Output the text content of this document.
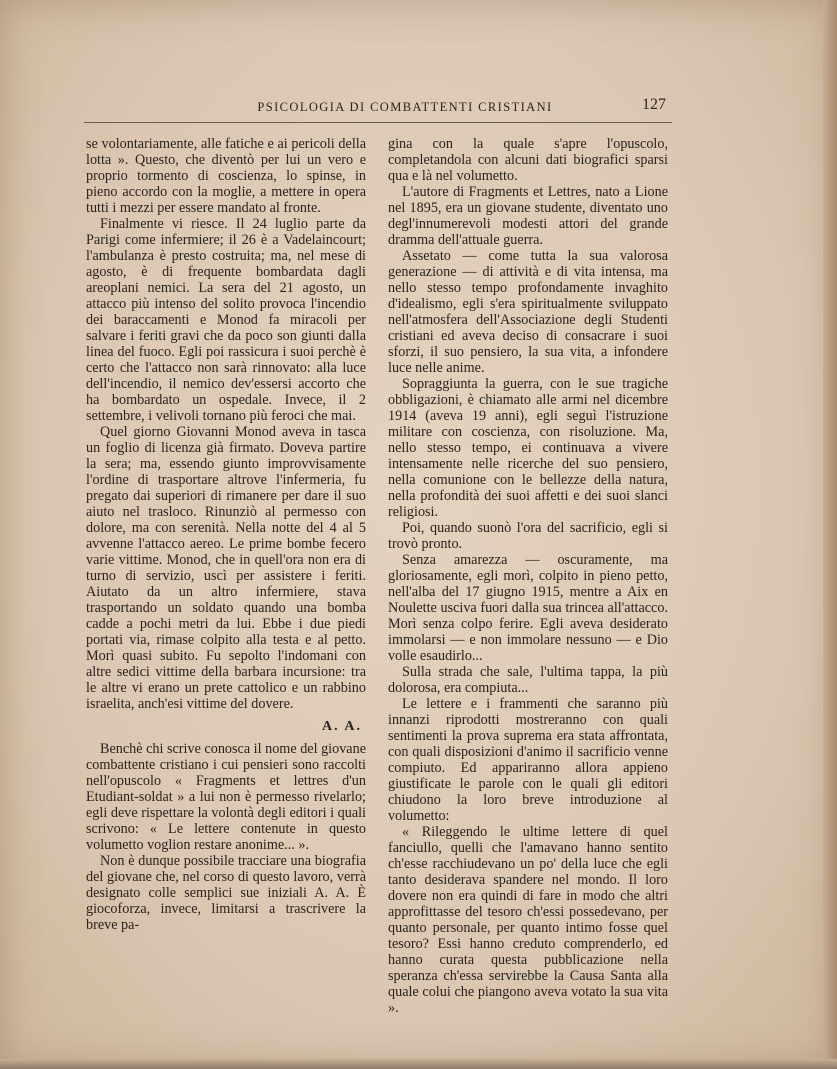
PSICOLOGIA DI COMBATTENTI CRISTIANI	127

se volontariamente, alle fatiche e ai pericoli della lotta ». Questo, che diventò per lui un vero e proprio tormento di coscienza, lo spinse, in pieno accordo con la moglie, a mettere in opera tutti i mezzi per essere mandato al fronte.

Finalmente vi riesce. Il 24 luglio parte da Parigi come infermiere; il 26 è a Vadelaincourt; l'ambulanza è presto costruita; ma, nel mese di agosto, è di frequente bombardata dagli areoplani nemici. La sera del 21 agosto, un attacco più intenso del solito provoca l'incendio dei baraccamenti e Monod fa miracoli per salvare i feriti gravi che da poco son giunti dalla linea del fuoco. Egli poi rassicura i suoi perchè è certo che l'attacco non sarà rinnovato: alla luce dell'incendio, il nemico dev'essersi accorto che ha bombardato un ospedale. Invece, il 2 settembre, i velivoli tornano più feroci che mai.

Quel giorno Giovanni Monod aveva in tasca un foglio di licenza già firmato. Doveva partire la sera; ma, essendo giunto improvvisamente l'ordine di trasportare altrove l'infermeria, fu pregato dai superiori di rimanere per dare il suo aiuto nel trasloco. Rinunziò al permesso con dolore, ma con serenità. Nella notte del 4 al 5 avvenne l'attacco aereo. Le prime bombe fecero varie vittime. Monod, che in quell'ora non era di turno di servizio, uscì per assistere i feriti. Aiutato da un altro infermiere, stava trasportando un soldato quando una bomba cadde a pochi metri da lui. Ebbe i due piedi portati via, rimase colpito alla testa e al petto. Morì quasi subito. Fu sepolto l'indomani con altre sedici vittime della barbara incursione: tra le altre vi erano un prete cattolico e un rabbino israelita, anch'esi vittime del dovere.

A. A.

Benchè chi scrive conosca il nome del giovane combattente cristiano i cui pensieri sono raccolti nell'opuscolo « Fragments et lettres d'un Etudiant-soldat » a lui non è permesso rivelarlo; egli deve rispettare la volontà degli editori i quali scrivono: « Le lettere contenute in questo volumetto voglion restare anonime... ».

Non è dunque possibile tracciare una biografia del giovane che, nel corso di questo lavoro, verrà designato colle semplici sue iniziali A. A. È giocoforza, invece, limitarsi a trascrivere la breve pa-

gina con la quale s'apre l'opuscolo, completandola con alcuni dati biografici sparsi qua e là nel volumetto.

L'autore di Fragments et Lettres, nato a Lione nel 1895, era un giovane studente, diventato uno degl'innumerevoli modesti attori del grande dramma dell'attuale guerra.

Assetato — come tutta la sua valorosa generazione — di attività e di vita intensa, ma nello stesso tempo profondamente invaghito d'idealismo, egli s'era spiritualmente sviluppato nell'atmosfera dell'Associazione degli Studenti cristiani ed aveva deciso di consacrare i suoi sforzi, il suo pensiero, la sua vita, a infondere luce nelle anime.

Sopraggiunta la guerra, con le sue tragiche obbligazioni, è chiamato alle armi nel dicembre 1914 (aveva 19 anni), egli seguì l'istruzione militare con coscienza, con risoluzione. Ma, nello stesso tempo, ei continuava a vivere intensamente nelle ricerche del suo pensiero, nella comunione con le bellezze della natura, nella profondità dei suoi affetti e dei suoi slanci religiosi.

Poi, quando suonò l'ora del sacrificio, egli si trovò pronto.

Senza amarezza — oscuramente, ma gloriosamente, egli morì, colpito in pieno petto, nell'alba del 17 giugno 1915, mentre a Aix en Noulette usciva fuori dalla sua trincea all'attacco. Morì senza colpo ferire. Egli aveva desiderato immolarsi — e non immolare nessuno — e Dio volle esaudirlo...

Sulla strada che sale, l'ultima tappa, la più dolorosa, era compiuta...

Le lettere e i frammenti che saranno più innanzi riprodotti mostreranno con quali sentimenti la prova suprema era stata affrontata, con quali disposizioni d'animo il sacrificio venne compiuto. Ed appariranno allora appieno giustificate le parole con le quali gli editori chiudono la loro breve introduzione al volumetto:

« Rileggendo le ultime lettere di quel fanciullo, quelli che l'amavano hanno sentito ch'esse racchiudevano un po' della luce che egli tanto desiderava spandere nel mondo. Il loro dovere non era quindi di fare in modo che altri approfittasse del tesoro ch'essi possedevano, per quanto personale, per quanto intimo fosse quel tesoro? Essi hanno creduto comprenderlo, ed hanno curata questa pubblicazione nella speranza ch'essa servirebbe la Causa Santa alla quale colui che piangono aveva votato la sua vita ».
